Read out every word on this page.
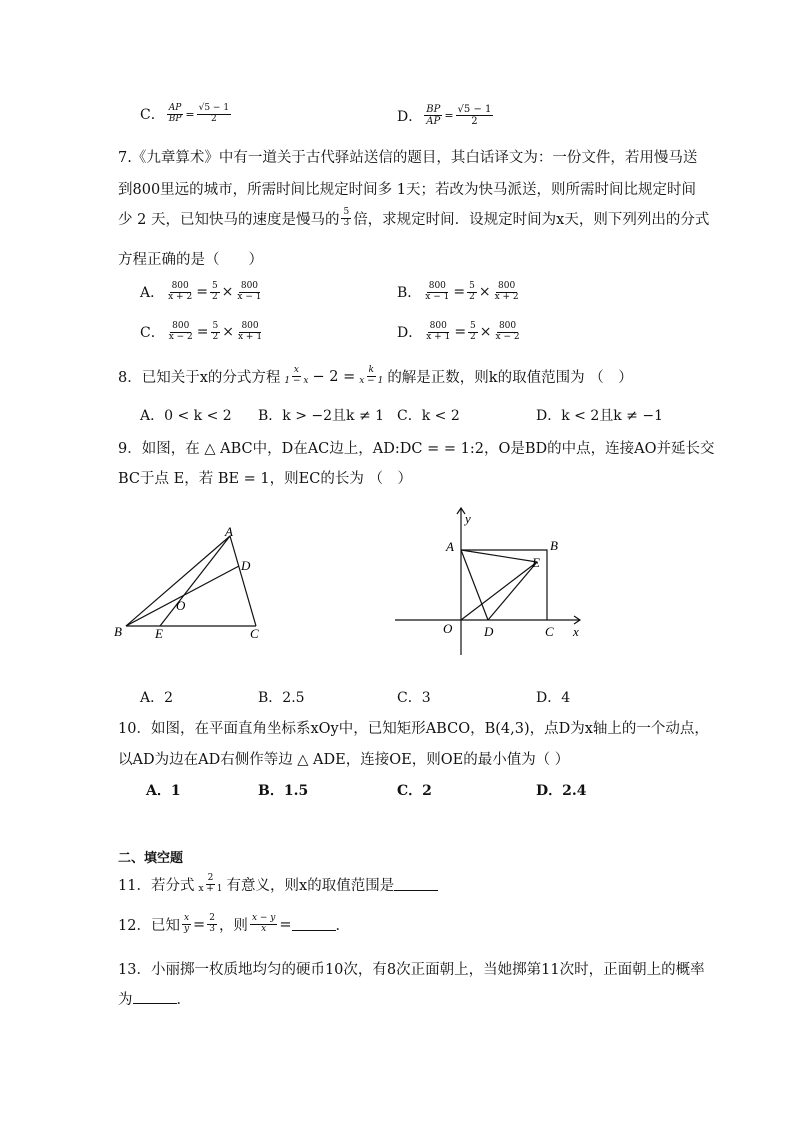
C． $\frac{AP}{BP} = \frac{√5 - 1}{2}$	D． $\frac{BP}{AP} = \frac{√5 - 1}{2}$
7.《九章算术》中有一道关于古代驿站送信的题目，其白话译文为：一份文件，若用慢马送
到800里远的城市，所需时间比规定时间多 1天；若改为快马派送，则所需时间比规定时间
少 2 天，已知快马的速度是慢马的 $\frac{5}{3}$ 倍，求规定时间．设规定时间为x天，则下列列出的分式
方程正确的是（　　）
A． $\frac{800}{x + 2} = \frac{5}{2} \times \frac{800}{x - 1}$	B． $\frac{800}{x - 1} = \frac{5}{2} \times \frac{800}{x + 2}$
C． $\frac{800}{x - 2} = \frac{5}{2} \times \frac{800}{x + 1}$	D． $\frac{800}{x + 1} = \frac{5}{2} \times \frac{800}{x - 2}$
8．已知关于x的分式方程 $\frac{x}{1 - x} - 2 = \frac{k}{x - 1}$ 的解是正数，则k的取值范围为 （　）
A．0 < k < 2 B．k > −2且k ≠ 1 C．k < 2	D．k < 2且k ≠ −1
9．如图，在 △ ABC中，D在AC边上，AD:DC = = 1:2，O是BD的中点，连接AO并延长交
BC于点 E，若 BE = 1，则EC的长为 （　）
A
B	C
D
E
O
A	B
C
D
E
O	x
y
A．2	B．2.5	C．3	D．4
10．如图，在平面直角坐标系xOy中，已知矩形ABCO，B(4,3)，点D为x轴上的一个动点，
以AD为边在AD右侧作等边 △ ADE，连接OE，则OE的最小值为（ ）
A．1	B．1.5	C．2	D．2.4
二、填空题
11．若分式 $\frac{2}{x + 1}$ 有意义，则x的取值范围是
12．已知 $\frac{x}{y} = \frac{2}{3}$ ，则 $\frac{x - y}{x}$ =	．
13．小丽掷一枚质地均匀的硬币10次，有8次正面朝上，当她掷第11次时，正面朝上的概率
为	．
